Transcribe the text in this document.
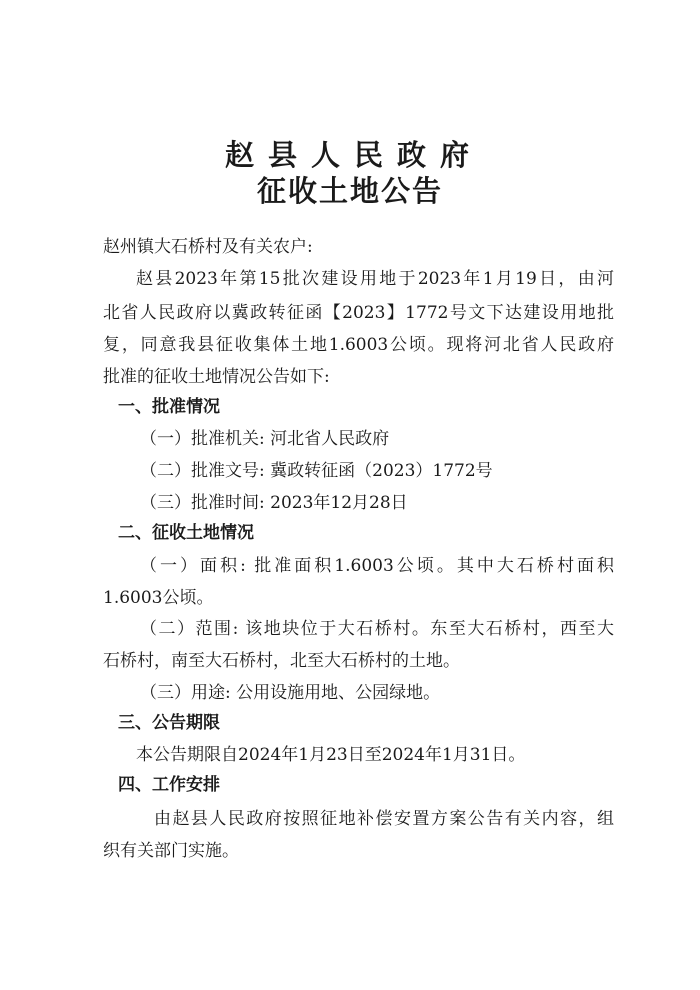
赵县人民政府
征收土地公告
赵州镇大石桥村及有关农户:
赵县2023年第15批次建设用地于2023年1月19日，由河
北省人民政府以冀政转征函【2023】1772号文下达建设用地批
复，同意我县征收集体土地1.6003公顷。现将河北省人民政府
批准的征收土地情况公告如下:
一、批准情况
（一）批准机关: 河北省人民政府
（二）批准文号: 冀政转征函（2023）1772号
（三）批准时间: 2023年12月28日
二、征收土地情况
（一）面积: 批准面积1.6003公顷。其中大石桥村面积
1.6003公顷。
（二）范围: 该地块位于大石桥村。东至大石桥村，西至大
石桥村，南至大石桥村，北至大石桥村的土地。
（三）用途: 公用设施用地、公园绿地。
三、公告期限
本公告期限自2024年1月23日至2024年1月31日。
四、工作安排
由赵县人民政府按照征地补偿安置方案公告有关内容，组
织有关部门实施。
